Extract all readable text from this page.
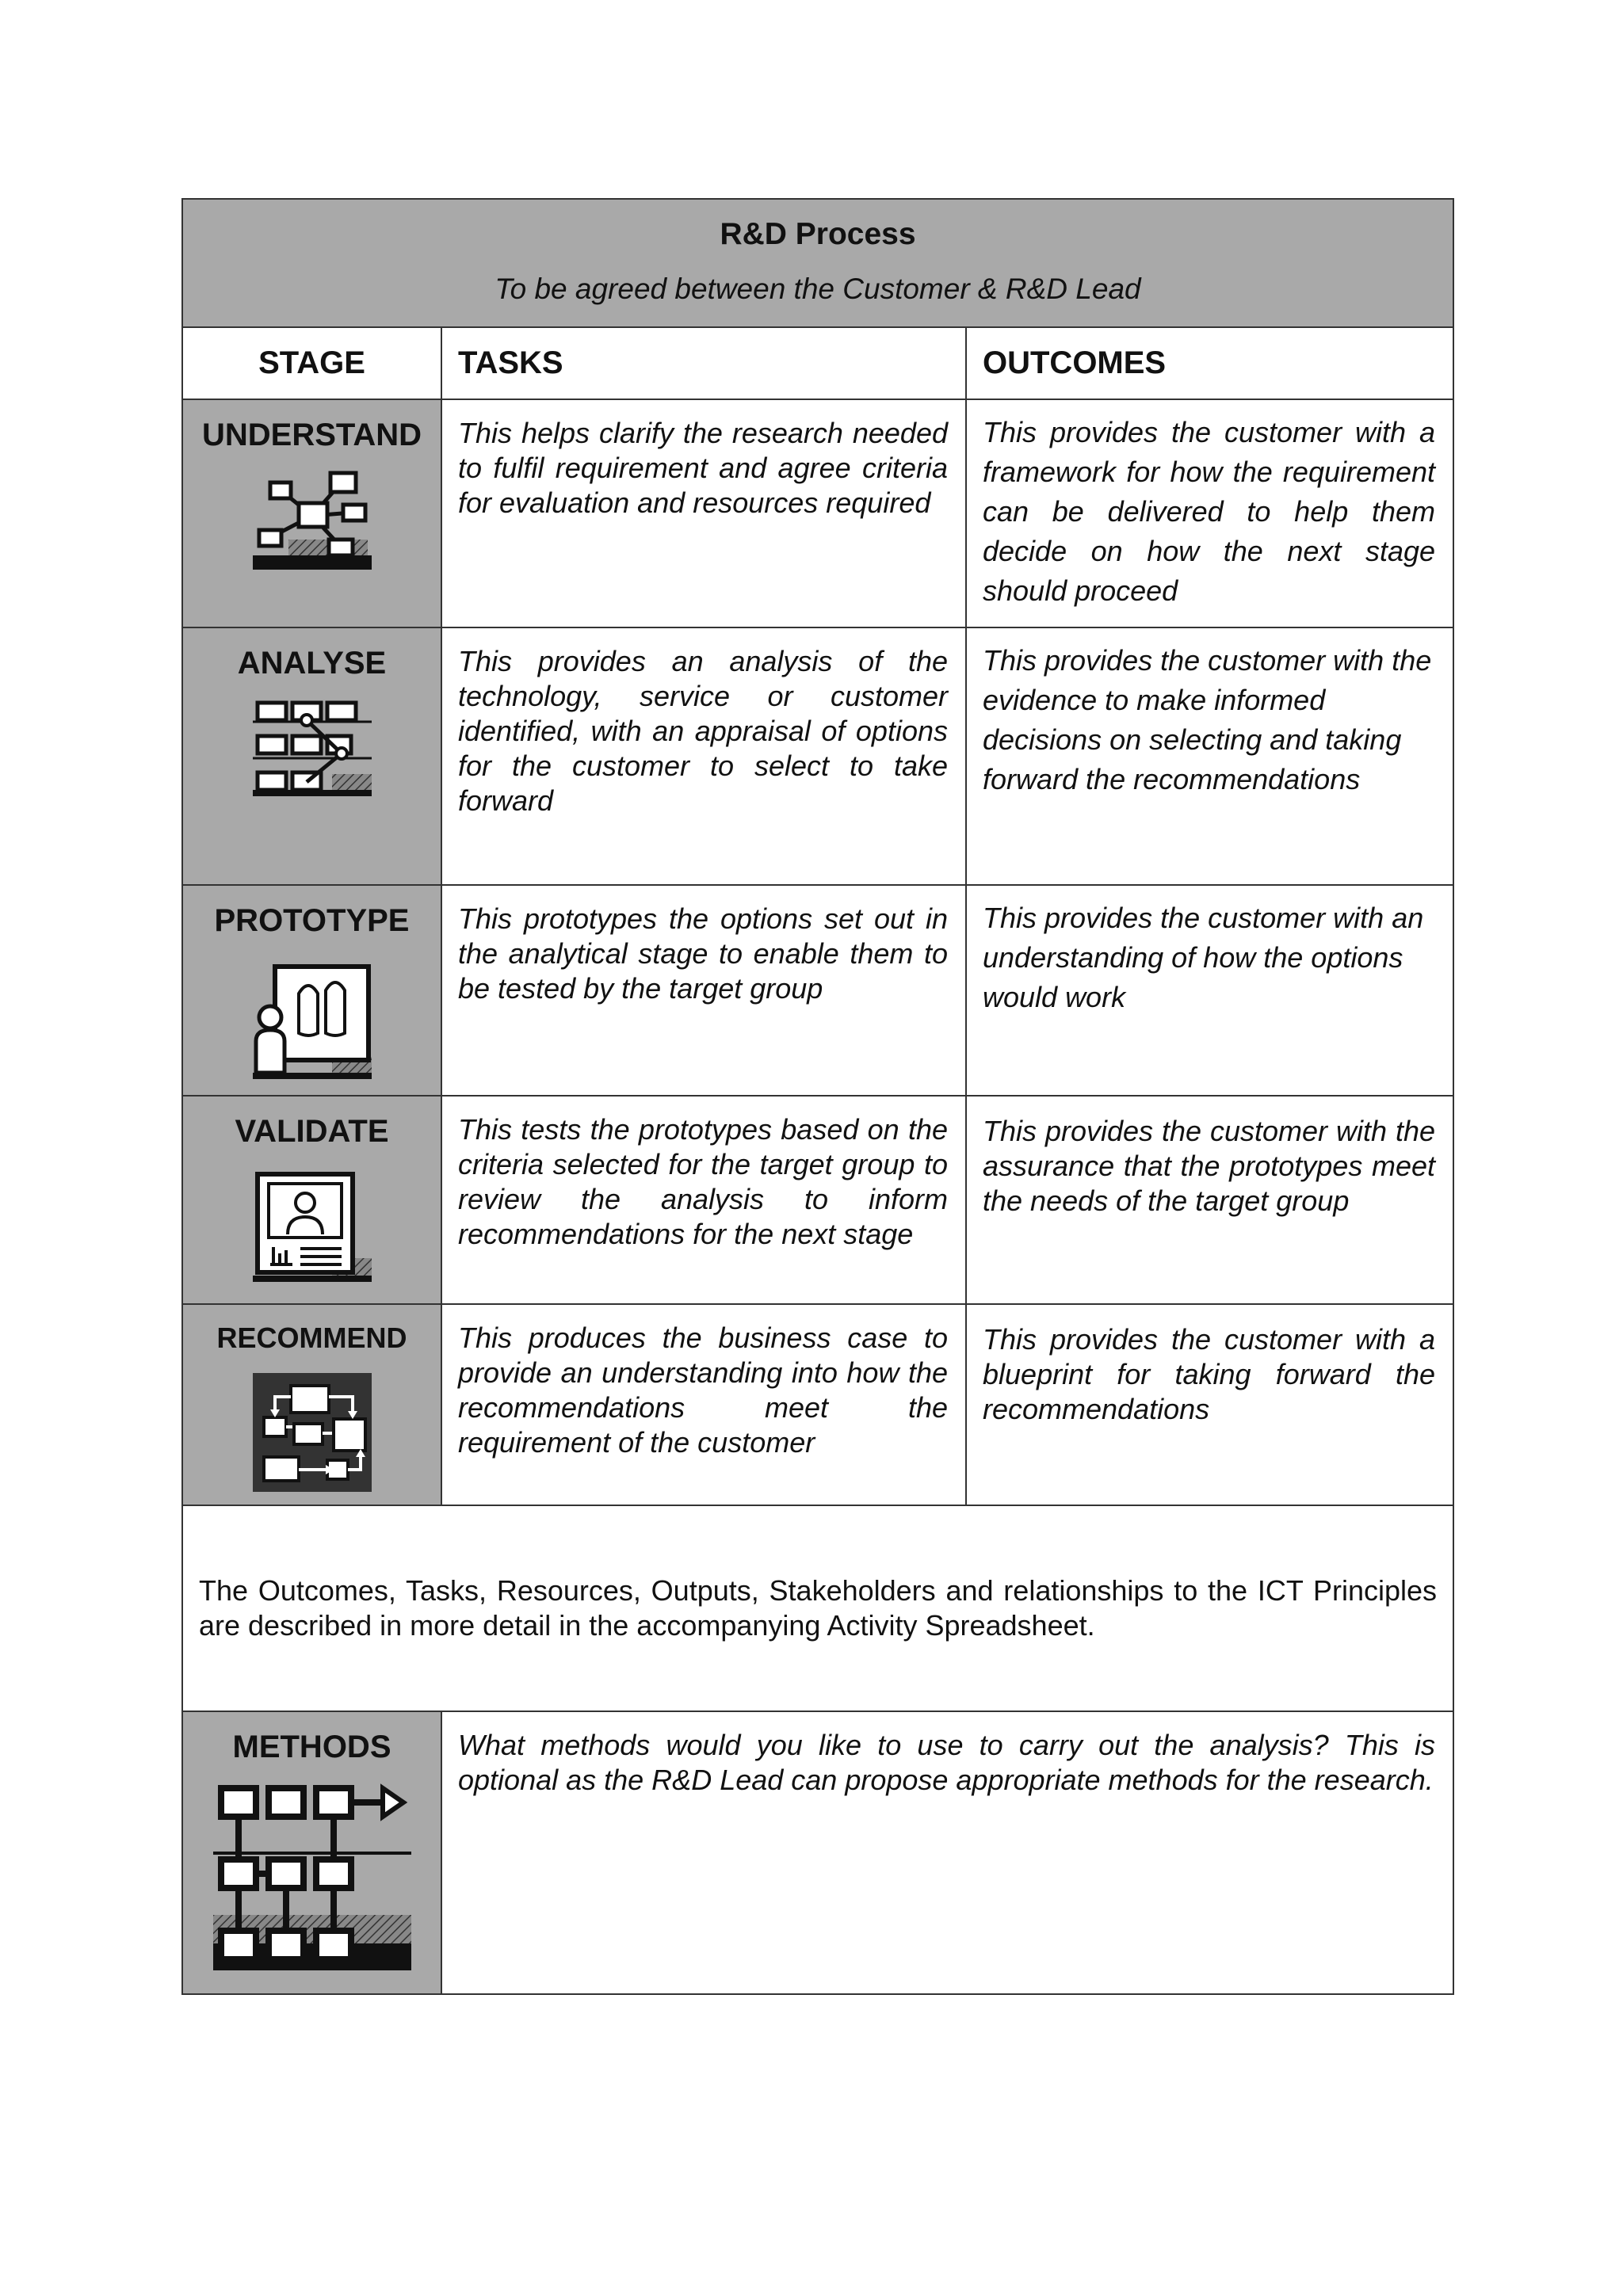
R&D Process
To be agreed between the Customer & R&D Lead		

STAGE	TASKS	OUTCOMES

UNDERSTAND	This helps clarify the research needed to fulfil requirement and agree criteria for evaluation and resources required	This provides the customer with a framework for how the requirement can be delivered to help them decide on how the next stage should proceed

ANALYSE	This provides an analysis of the technology, service or customer identified, with an appraisal of options for the customer to select to take forward	This provides the customer with the evidence to make informed decisions on selecting and taking forward the recommendations

PROTOTYPE	This prototypes the options set out in the analytical stage to enable them to be tested by the target group	This provides the customer with an understanding of how the options would work

VALIDATE	This tests the prototypes based on the criteria selected for the target group to review the analysis to inform recommendations for the next stage	This provides the customer with the assurance that the prototypes meet the needs of the target group

RECOMMEND	This produces the business case to provide an understanding into how the recommendations meet the requirement of the customer	This provides the customer with a blueprint for taking forward the recommendations
The Outcomes, Tasks, Resources, Outputs, Stakeholders and relationships to the ICT Principles are described in more detail in the accompanying Activity Spreadsheet.		

METHODS	What methods would you like to use to carry out the analysis? This is optional as the R&D Lead can propose appropriate methods for the research.	
